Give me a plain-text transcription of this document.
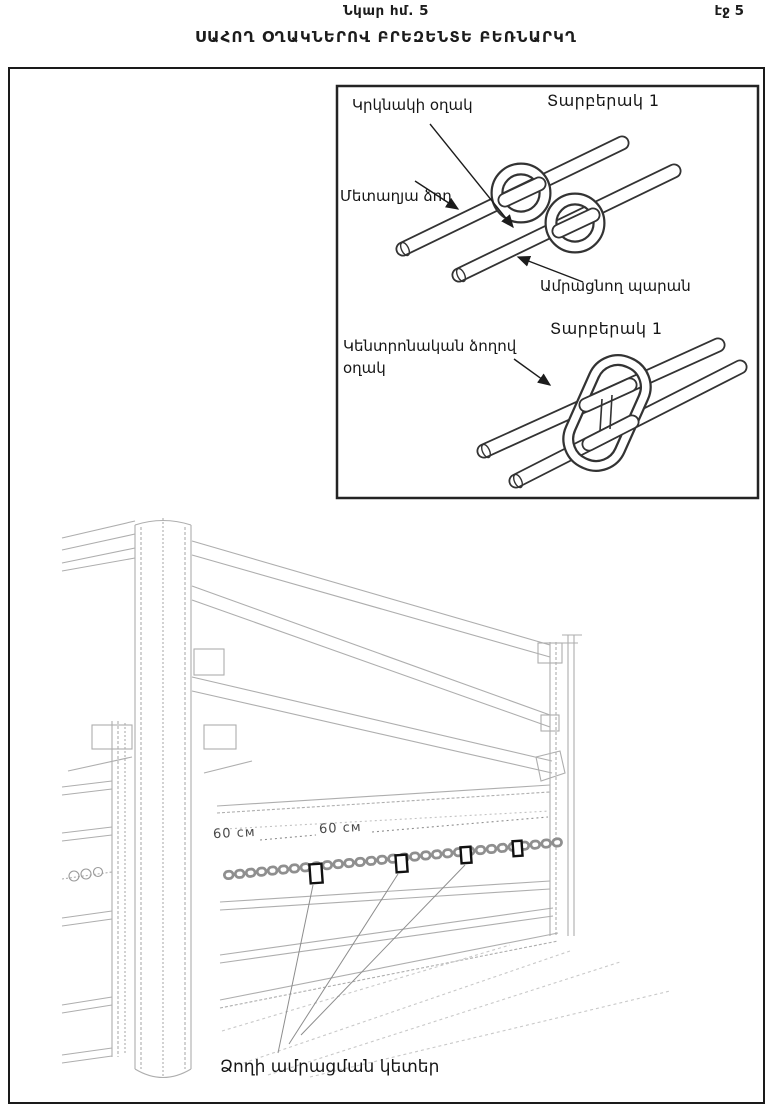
Նկար հմ. 5	էջ 5
ՍԱՀՈՂ ՕՂԱԿՆԵՐՈՎ ԲՐԵԶԵՆՏԵ ԲԵՌՆԱՐԿՂ
Տարբերակ 1
Կրկնակի օղակ
Մետաղյա ձող
Ամրացնող պարան
Տարբերակ 1
Կենտրոնական ձողով
օղակ
60 см	60 см
Ձողի ամրացման կետեր
